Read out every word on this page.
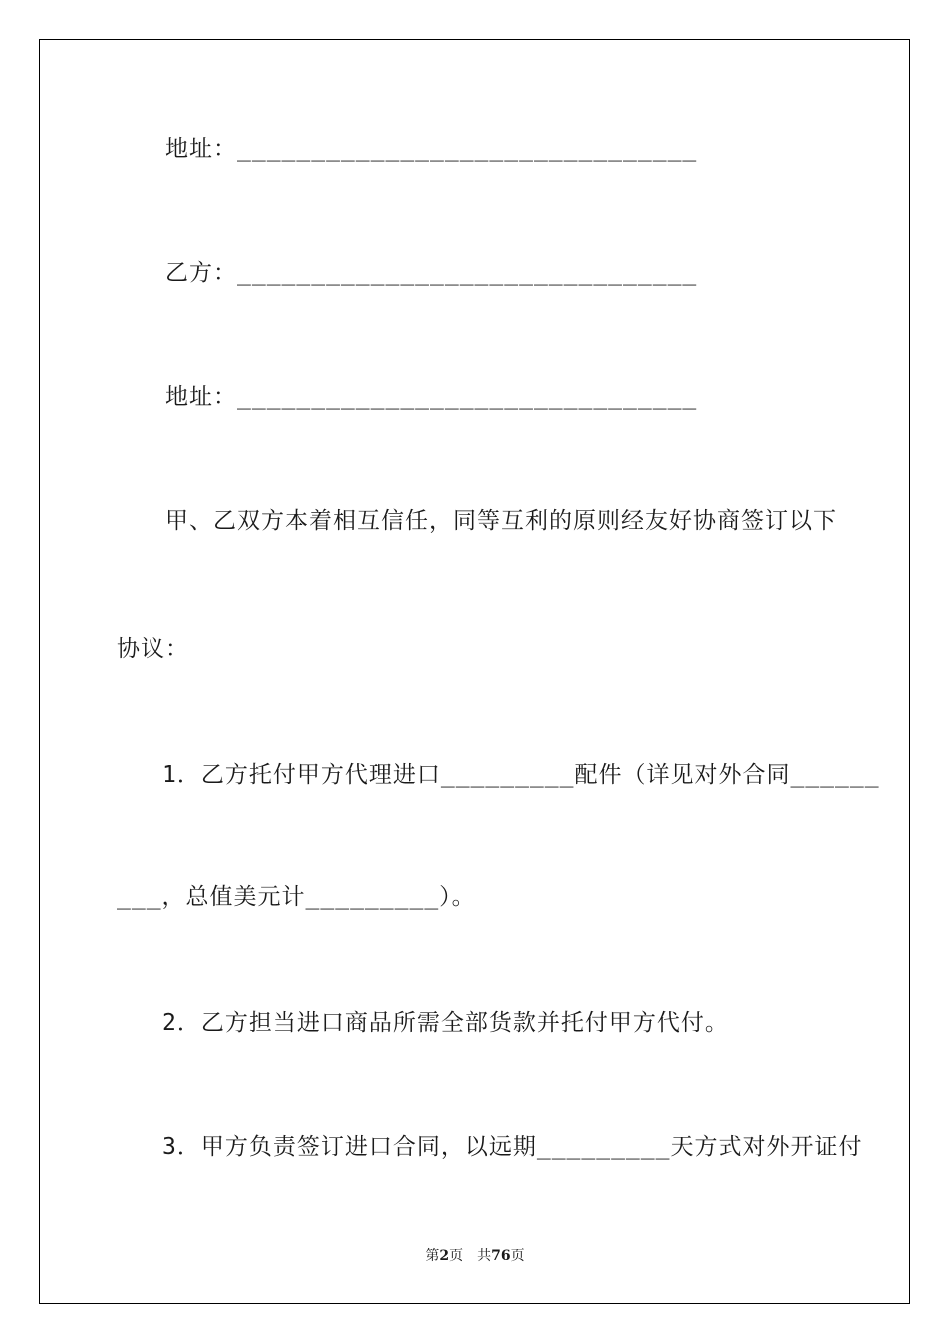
地址：_______________________________
乙方：_______________________________
地址：_______________________________
甲、乙双方本着相互信任，同等互利的原则经友好协商签订以下
协议：
1．乙方托付甲方代理进口_________配件（详见对外合同______
___，总值美元计_________）。
2．乙方担当进口商品所需全部货款并托付甲方代付。
3．甲方负责签订进口合同，以远期_________天方式对外开证付
第2页 共76页
